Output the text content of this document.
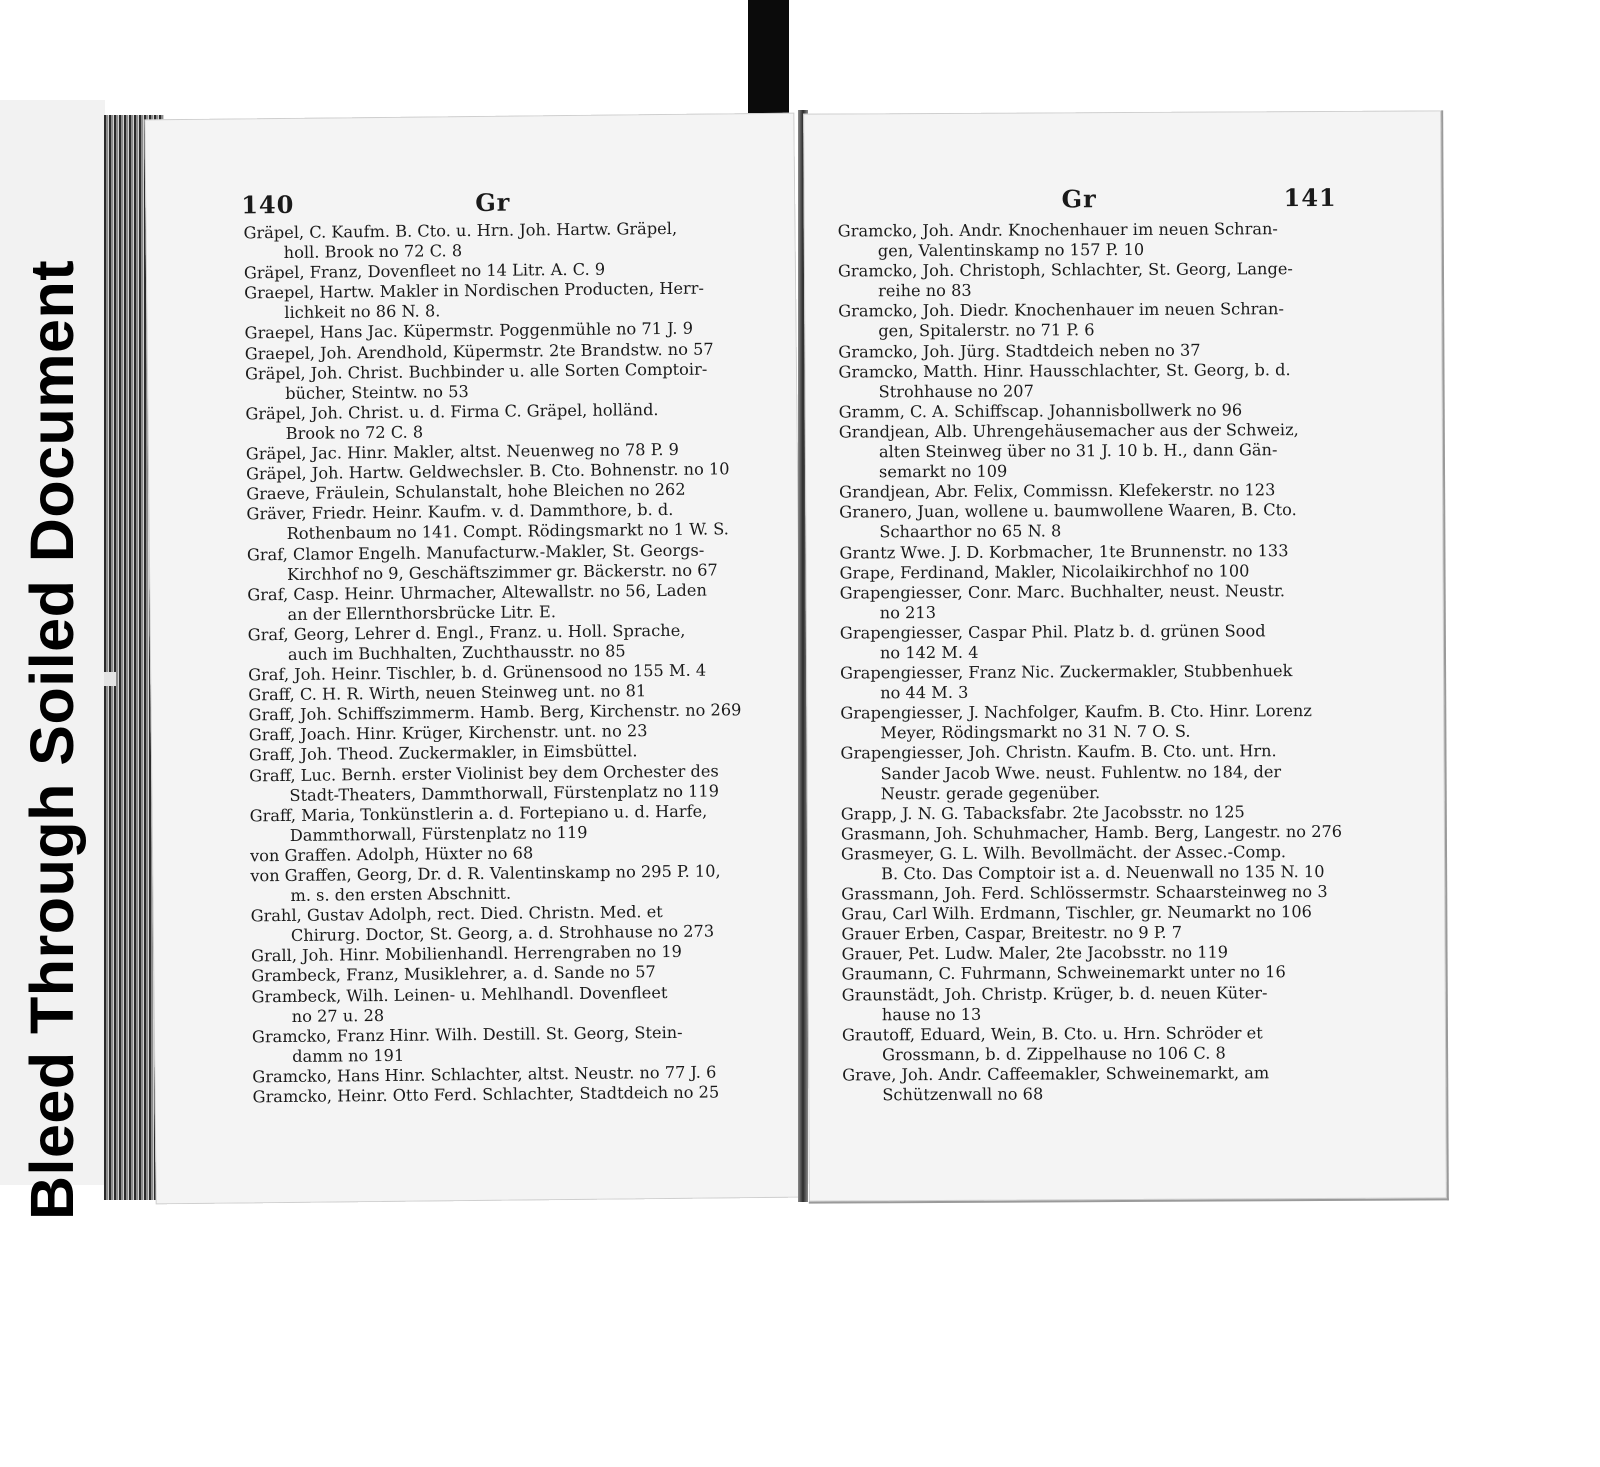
Bleed Through Soiled Document
140	Gr
Gräpel, C. Kaufm. B. Cto. u. Hrn. Joh. Hartw. Gräpel,
holl. Brook no 72 C. 8
Gräpel, Franz, Dovenfleet no 14 Litr. A. C. 9
Graepel, Hartw. Makler in Nordischen Producten, Herr-
lichkeit no 86 N. 8.
Graepel, Hans Jac. Küpermstr. Poggenmühle no 71 J. 9
Graepel, Joh. Arendhold, Küpermstr. 2te Brandstw. no 57
Gräpel, Joh. Christ. Buchbinder u. alle Sorten Comptoir-
bücher, Steintw. no 53
Gräpel, Joh. Christ. u. d. Firma C. Gräpel, holländ.
Brook no 72 C. 8
Gräpel, Jac. Hinr. Makler, altst. Neuenweg no 78 P. 9
Gräpel, Joh. Hartw. Geldwechsler. B. Cto. Bohnenstr. no 10
Graeve, Fräulein, Schulanstalt, hohe Bleichen no 262
Gräver, Friedr. Heinr. Kaufm. v. d. Dammthore, b. d.
Rothenbaum no 141. Compt. Rödingsmarkt no 1 W. S.
Graf, Clamor Engelh. Manufacturw.-Makler, St. Georgs-
Kirchhof no 9, Geschäftszimmer gr. Bäckerstr. no 67
Graf, Casp. Heinr. Uhrmacher, Altewallstr. no 56, Laden
an der Ellernthorsbrücke Litr. E.
Graf, Georg, Lehrer d. Engl., Franz. u. Holl. Sprache,
auch im Buchhalten, Zuchthausstr. no 85
Graf, Joh. Heinr. Tischler, b. d. Grünensood no 155 M. 4
Graff, C. H. R. Wirth, neuen Steinweg unt. no 81
Graff, Joh. Schiffszimmerm. Hamb. Berg, Kirchenstr. no 269
Graff, Joach. Hinr. Krüger, Kirchenstr. unt. no 23
Graff, Joh. Theod. Zuckermakler, in Eimsbüttel.
Graff, Luc. Bernh. erster Violinist bey dem Orchester des
Stadt-Theaters, Dammthorwall, Fürstenplatz no 119
Graff, Maria, Tonkünstlerin a. d. Fortepiano u. d. Harfe,
Dammthorwall, Fürstenplatz no 119
von Graffen. Adolph, Hüxter no 68
von Graffen, Georg, Dr. d. R. Valentinskamp no 295 P. 10,
m. s. den ersten Abschnitt.
Grahl, Gustav Adolph, rect. Died. Christn. Med. et
Chirurg. Doctor, St. Georg, a. d. Strohhause no 273
Grall, Joh. Hinr. Mobilienhandl. Herrengraben no 19
Grambeck, Franz, Musiklehrer, a. d. Sande no 57
Grambeck, Wilh. Leinen- u. Mehlhandl. Dovenfleet
no 27 u. 28
Gramcko, Franz Hinr. Wilh. Destill. St. Georg, Stein-
damm no 191
Gramcko, Hans Hinr. Schlachter, altst. Neustr. no 77 J. 6
Gramcko, Heinr. Otto Ferd. Schlachter, Stadtdeich no 25
Gr	141
Gramcko, Joh. Andr. Knochenhauer im neuen Schran-
gen, Valentinskamp no 157 P. 10
Gramcko, Joh. Christoph, Schlachter, St. Georg, Lange-
reihe no 83
Gramcko, Joh. Diedr. Knochenhauer im neuen Schran-
gen, Spitalerstr. no 71 P. 6
Gramcko, Joh. Jürg. Stadtdeich neben no 37
Gramcko, Matth. Hinr. Hausschlachter, St. Georg, b. d.
Strohhause no 207
Gramm, C. A. Schiffscap. Johannisbollwerk no 96
Grandjean, Alb. Uhrengehäusemacher aus der Schweiz,
alten Steinweg über no 31 J. 10 b. H., dann Gän-
semarkt no 109
Grandjean, Abr. Felix, Commissn. Klefekerstr. no 123
Granero, Juan, wollene u. baumwollene Waaren, B. Cto.
Schaarthor no 65 N. 8
Grantz Wwe. J. D. Korbmacher, 1te Brunnenstr. no 133
Grape, Ferdinand, Makler, Nicolaikirchhof no 100
Grapengiesser, Conr. Marc. Buchhalter, neust. Neustr.
no 213
Grapengiesser, Caspar Phil. Platz b. d. grünen Sood
no 142 M. 4
Grapengiesser, Franz Nic. Zuckermakler, Stubbenhuek
no 44 M. 3
Grapengiesser, J. Nachfolger, Kaufm. B. Cto. Hinr. Lorenz
Meyer, Rödingsmarkt no 31 N. 7 O. S.
Grapengiesser, Joh. Christn. Kaufm. B. Cto. unt. Hrn.
Sander Jacob Wwe. neust. Fuhlentw. no 184, der
Neustr. gerade gegenüber.
Grapp, J. N. G. Tabacksfabr. 2te Jacobsstr. no 125
Grasmann, Joh. Schuhmacher, Hamb. Berg, Langestr. no 276
Grasmeyer, G. L. Wilh. Bevollmächt. der Assec.-Comp.
B. Cto. Das Comptoir ist a. d. Neuenwall no 135 N. 10
Grassmann, Joh. Ferd. Schlössermstr. Schaarsteinweg no 3
Grau, Carl Wilh. Erdmann, Tischler, gr. Neumarkt no 106
Grauer Erben, Caspar, Breitestr. no 9 P. 7
Grauer, Pet. Ludw. Maler, 2te Jacobsstr. no 119
Graumann, C. Fuhrmann, Schweinemarkt unter no 16
Graunstädt, Joh. Christp. Krüger, b. d. neuen Küter-
hause no 13
Grautoff, Eduard, Wein, B. Cto. u. Hrn. Schröder et
Grossmann, b. d. Zippelhause no 106 C. 8
Grave, Joh. Andr. Caffeemakler, Schweinemarkt, am
Schützenwall no 68
